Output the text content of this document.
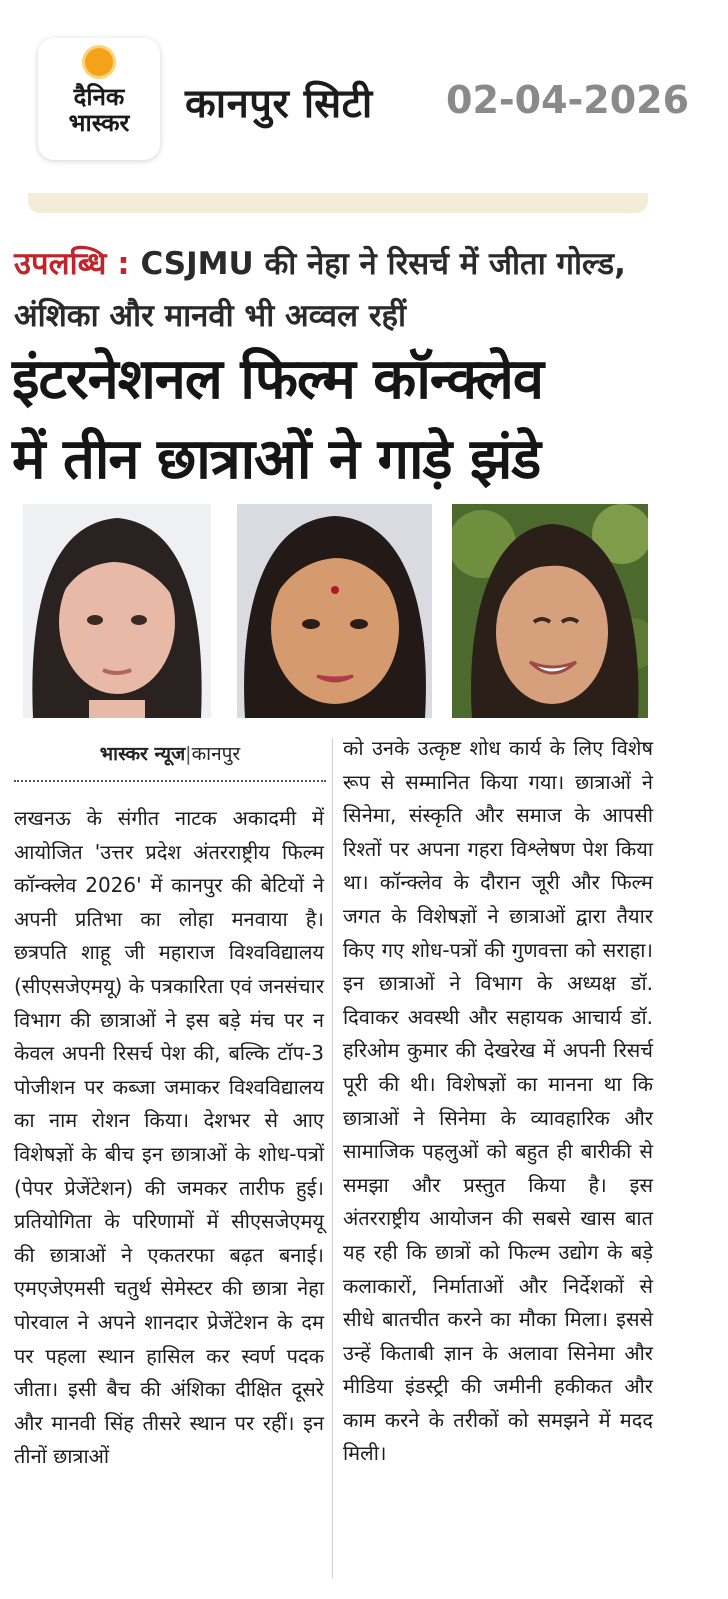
दैनिक
भास्कर	कानपुर सिटी 02-04-2026
उपलब्धि : CSJMU की नेहा ने रिसर्च में जीता गोल्ड, अंशिका और मानवी भी अव्वल रहीं
इंटरनेशनल फिल्म कॉन्क्लेव
में तीन छात्राओं ने गाड़े झंडे
भास्कर न्यूज|कानपुर
लखनऊ के संगीत नाटक अकादमी में आयोजित 'उत्तर प्रदेश अंतरराष्ट्रीय फिल्म कॉन्क्लेव 2026' में कानपुर की बेटियों ने अपनी प्रतिभा का लोहा मनवाया है। छत्रपति शाहू जी महाराज विश्वविद्यालय (सीएसजेएमयू) के पत्रकारिता एवं जनसंचार विभाग की छात्राओं ने इस बड़े मंच पर न केवल अपनी रिसर्च पेश की, बल्कि टॉप-3 पोजीशन पर कब्जा जमाकर विश्वविद्यालय का नाम रोशन किया। देशभर से आए विशेषज्ञों के बीच इन छात्राओं के शोध-पत्रों (पेपर प्रेजेंटेशन) की जमकर तारीफ हुई। प्रतियोगिता के परिणामों में सीएसजेएमयू की छात्राओं ने एकतरफा बढ़त बनाई। एमएजेएमसी चतुर्थ सेमेस्टर की छात्रा नेहा पोरवाल ने अपने शानदार प्रेजेंटेशन के दम पर पहला स्थान हासिल कर स्वर्ण पदक जीता। इसी बैच की अंशिका दीक्षित दूसरे और मानवी सिंह तीसरे स्थान पर रहीं। इन तीनों छात्राओं
को उनके उत्कृष्ट शोध कार्य के लिए विशेष रूप से सम्मानित किया गया। छात्राओं ने सिनेमा, संस्कृति और समाज के आपसी रिश्तों पर अपना गहरा विश्लेषण पेश किया था। कॉन्क्लेव के दौरान जूरी और फिल्म जगत के विशेषज्ञों ने छात्राओं द्वारा तैयार किए गए शोध-पत्रों की गुणवत्ता को सराहा। इन छात्राओं ने विभाग के अध्यक्ष डॉ. दिवाकर अवस्थी और सहायक आचार्य डॉ. हरिओम कुमार की देखरेख में अपनी रिसर्च पूरी की थी। विशेषज्ञों का मानना था कि छात्राओं ने सिनेमा के व्यावहारिक और सामाजिक पहलुओं को बहुत ही बारीकी से समझा और प्रस्तुत किया है। इस अंतरराष्ट्रीय आयोजन की सबसे खास बात यह रही कि छात्रों को फिल्म उद्योग के बड़े कलाकारों, निर्माताओं और निर्देशकों से सीधे बातचीत करने का मौका मिला। इससे उन्हें किताबी ज्ञान के अलावा सिनेमा और मीडिया इंडस्ट्री की जमीनी हकीकत और काम करने के तरीकों को समझने में मदद मिली।
